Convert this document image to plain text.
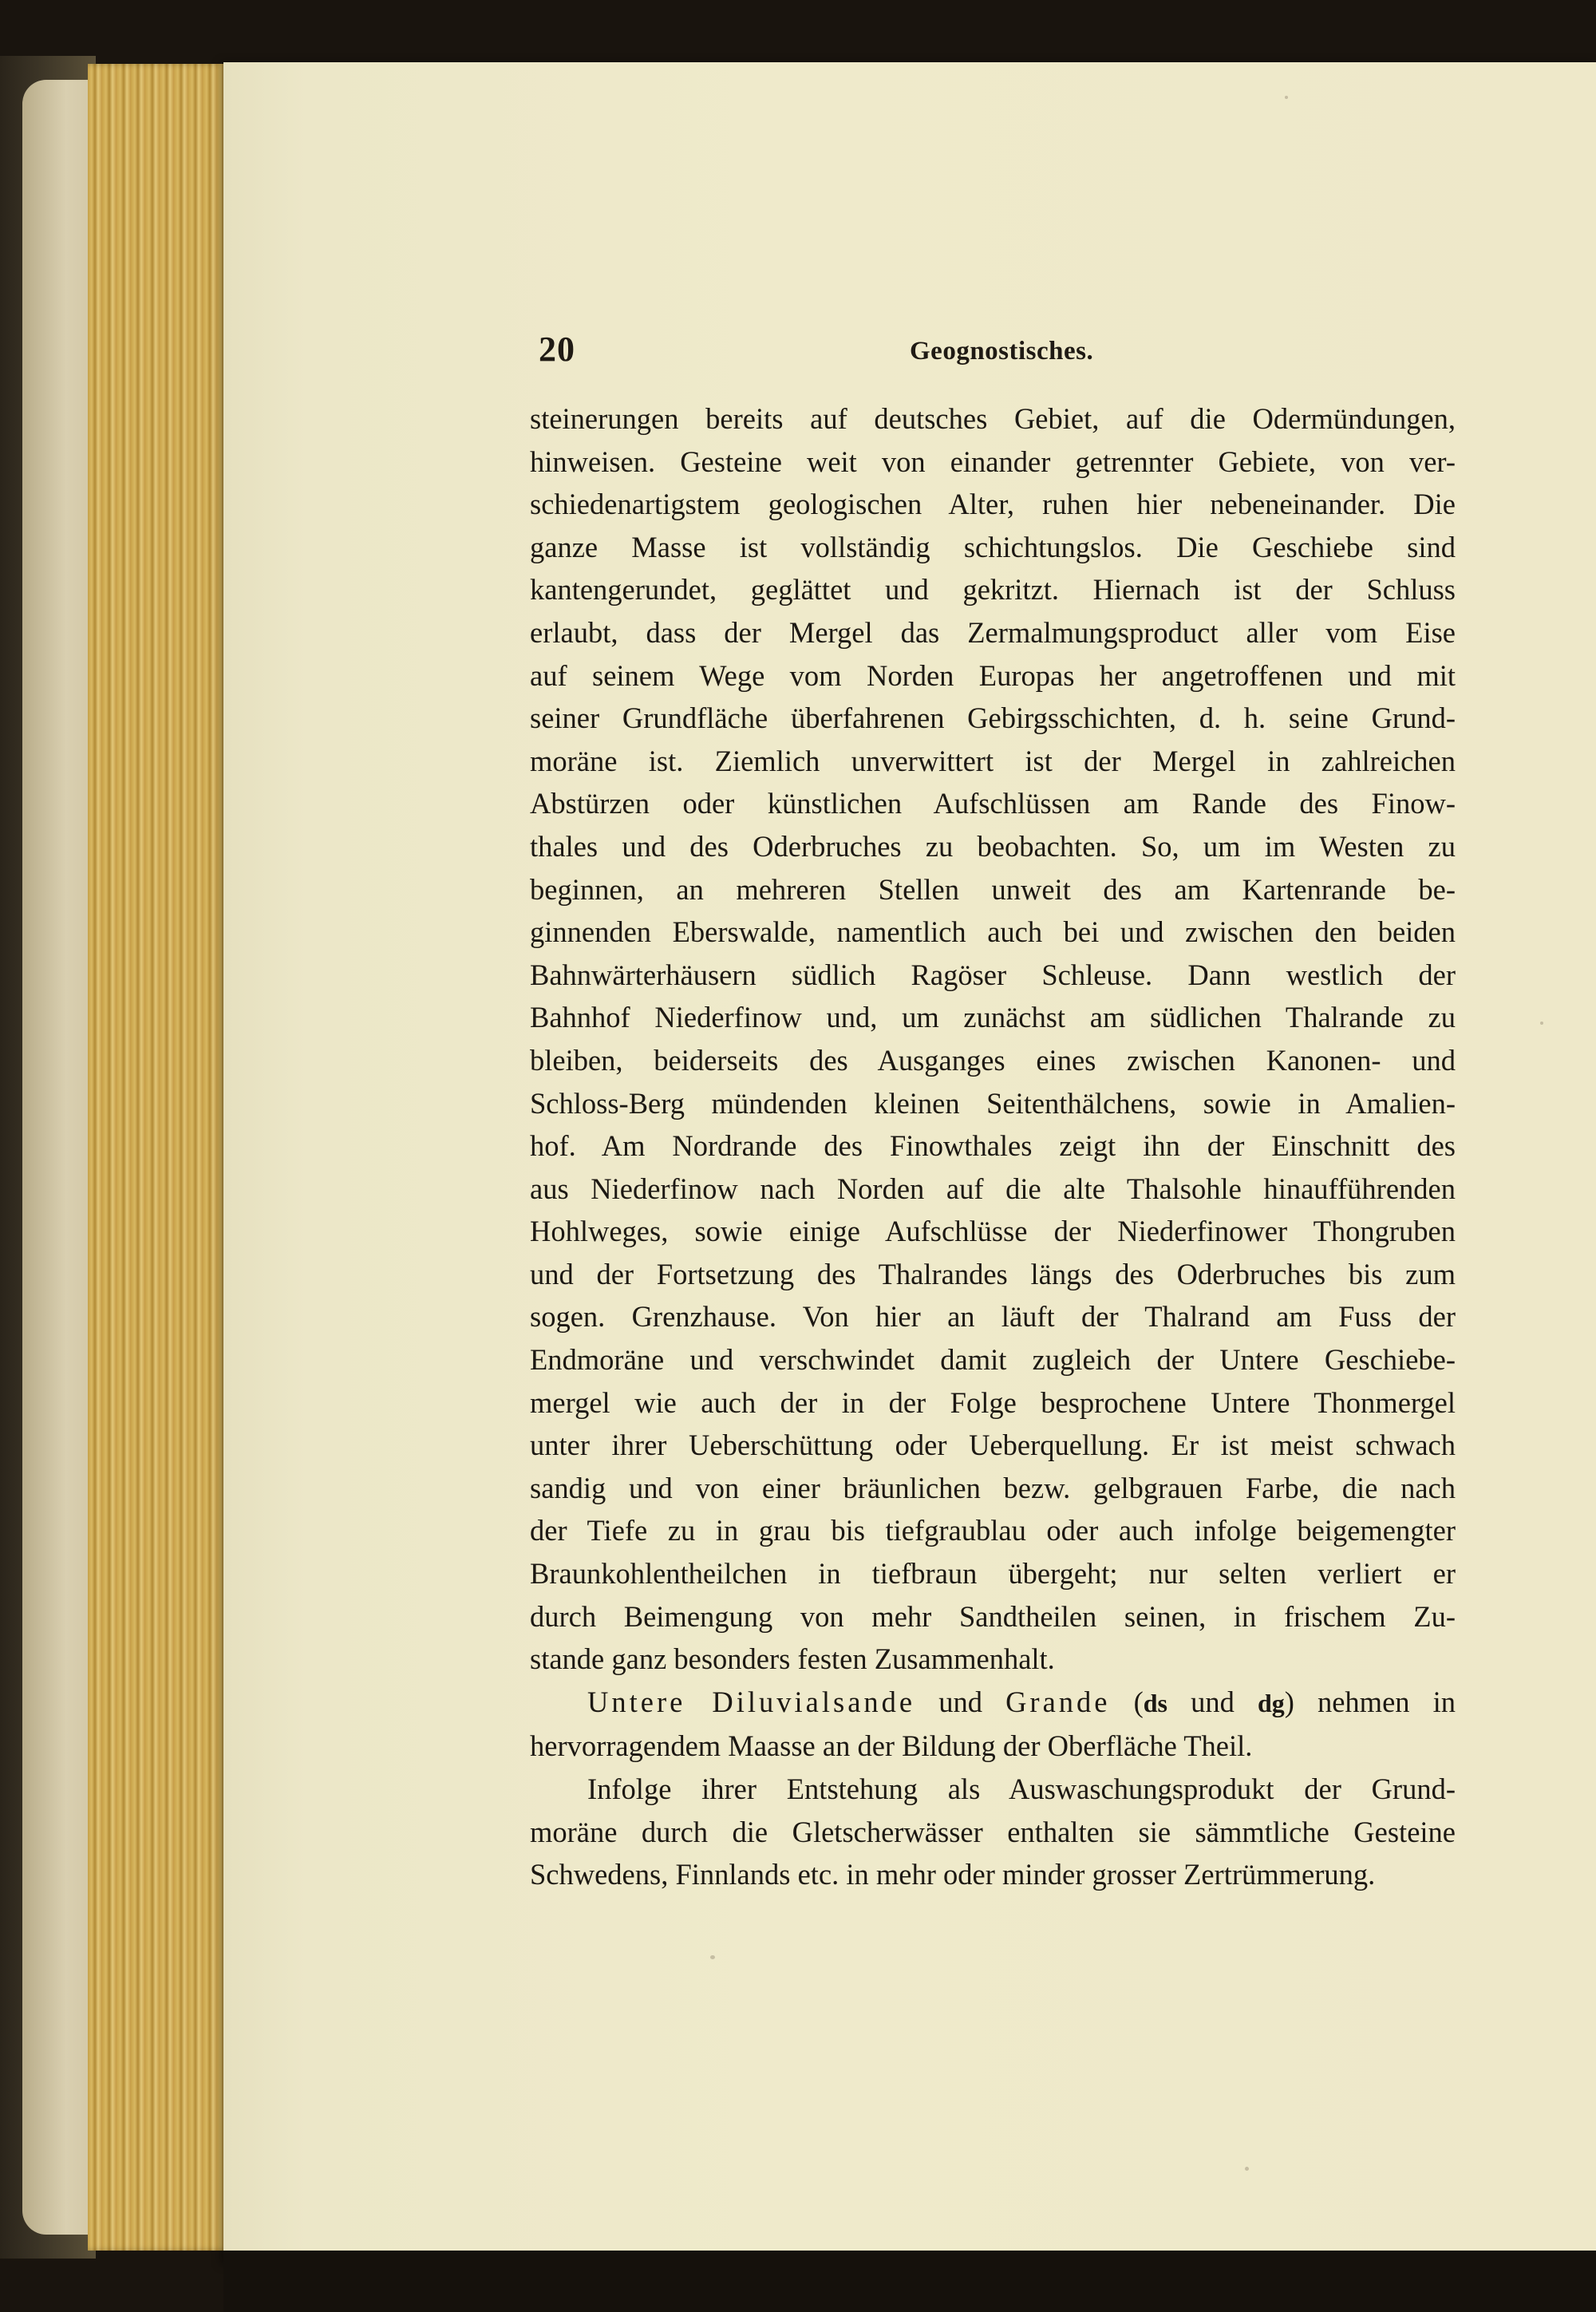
20	Geognostisches.
steinerungen bereits auf deutsches Gebiet, auf die Odermündungen,
hinweisen. Gesteine weit von einander getrennter Gebiete, von ver-
schiedenartigstem geologischen Alter, ruhen hier nebeneinander. Die
ganze Masse ist vollständig schichtungslos. Die Geschiebe sind
kantengerundet, geglättet und gekritzt. Hiernach ist der Schluss
erlaubt, dass der Mergel das Zermalmungsproduct aller vom Eise
auf seinem Wege vom Norden Europas her angetroffenen und mit
seiner Grundfläche überfahrenen Gebirgsschichten, d. h. seine Grund-
moräne ist. Ziemlich unverwittert ist der Mergel in zahlreichen
Abstürzen oder künstlichen Aufschlüssen am Rande des Finow-
thales und des Oderbruches zu beobachten. So, um im Westen zu
beginnen, an mehreren Stellen unweit des am Kartenrande be-
ginnenden Eberswalde, namentlich auch bei und zwischen den beiden
Bahnwärterhäusern südlich Ragöser Schleuse. Dann westlich der
Bahnhof Niederfinow und, um zunächst am südlichen Thalrande zu
bleiben, beiderseits des Ausganges eines zwischen Kanonen- und
Schloss-Berg mündenden kleinen Seitenthälchens, sowie in Amalien-
hof. Am Nordrande des Finowthales zeigt ihn der Einschnitt des
aus Niederfinow nach Norden auf die alte Thalsohle hinaufführenden
Hohlweges, sowie einige Aufschlüsse der Niederfinower Thongruben
und der Fortsetzung des Thalrandes längs des Oderbruches bis zum
sogen. Grenzhause. Von hier an läuft der Thalrand am Fuss der
Endmoräne und verschwindet damit zugleich der Untere Geschiebe-
mergel wie auch der in der Folge besprochene Untere Thonmergel
unter ihrer Ueberschüttung oder Ueberquellung. Er ist meist schwach
sandig und von einer bräunlichen bezw. gelbgrauen Farbe, die nach
der Tiefe zu in grau bis tiefgraublau oder auch infolge beigemengter
Braunkohlentheilchen in tiefbraun übergeht; nur selten verliert er
durch Beimengung von mehr Sandtheilen seinen, in frischem Zu-
stande ganz besonders festen Zusammenhalt.
Untere Diluvialsande und Grande (ds und dg) nehmen in
hervorragendem Maasse an der Bildung der Oberfläche Theil.
Infolge ihrer Entstehung als Auswaschungsprodukt der Grund-
moräne durch die Gletscherwässer enthalten sie sämmtliche Gesteine
Schwedens, Finnlands etc. in mehr oder minder grosser Zertrümmerung.
